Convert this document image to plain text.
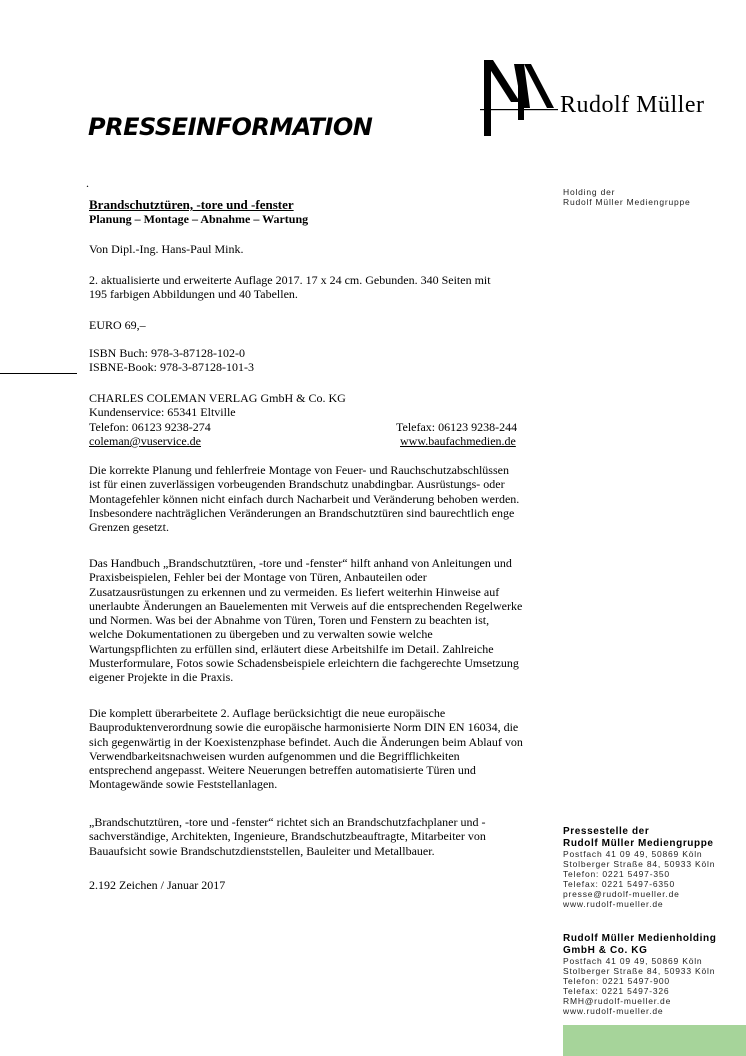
Rudolf Müller
PRESSEINFORMATION
.
Holding der
Rudolf Müller Mediengruppe
Pressestelle der
Rudolf Müller Mediengruppe
Postfach 41 09 49, 50869 Köln
Stolberger Straße 84, 50933 Köln
Telefon: 0221 5497-350
Telefax: 0221 5497-6350
presse@rudolf-mueller.de
www.rudolf-mueller.de
Rudolf Müller Medienholding
GmbH & Co. KG
Postfach 41 09 49, 50869 Köln
Stolberger Straße 84, 50933 Köln
Telefon: 0221 5497-900
Telefax: 0221 5497-326
RMH@rudolf-mueller.de
www.rudolf-mueller.de
Brandschutztüren, -tore und -fenster
Planung – Montage – Abnahme – Wartung
Von Dipl.-Ing. Hans-Paul Mink.
2. aktualisierte und erweiterte Auflage 2017. 17 x 24 cm. Gebunden. 340 Seiten mit
195 farbigen Abbildungen und 40 Tabellen.
EURO 69,–
ISBN Buch: 978-3-87128-102-0
ISBNE-Book: 978-3-87128-101-3
CHARLES COLEMAN VERLAG GmbH & Co. KG
Kundenservice: 65341 Eltville
Telefon: 06123 9238-274	Telefax: 06123 9238-244
coleman@vuservice.de	www.baufachmedien.de
Die korrekte Planung und fehlerfreie Montage von Feuer- und Rauchschutzabschlüssen
ist für einen zuverlässigen vorbeugenden Brandschutz unabdingbar. Ausrüstungs- oder
Montagefehler können nicht einfach durch Nacharbeit und Veränderung behoben werden.
Insbesondere nachträglichen Veränderungen an Brandschutztüren sind baurechtlich enge
Grenzen gesetzt.
Das Handbuch „Brandschutztüren, -tore und -fenster“ hilft anhand von Anleitungen und
Praxisbeispielen, Fehler bei der Montage von Türen, Anbauteilen oder
Zusatzausrüstungen zu erkennen und zu vermeiden. Es liefert weiterhin Hinweise auf
unerlaubte Änderungen an Bauelementen mit Verweis auf die entsprechenden Regelwerke
und Normen. Was bei der Abnahme von Türen, Toren und Fenstern zu beachten ist,
welche Dokumentationen zu übergeben und zu verwalten sowie welche
Wartungspflichten zu erfüllen sind, erläutert diese Arbeitshilfe im Detail. Zahlreiche
Musterformulare, Fotos sowie Schadensbeispiele erleichtern die fachgerechte Umsetzung
eigener Projekte in die Praxis.
Die komplett überarbeitete 2. Auflage berücksichtigt die neue europäische
Bauproduktenverordnung sowie die europäische harmonisierte Norm DIN EN 16034, die
sich gegenwärtig in der Koexistenzphase befindet. Auch die Änderungen beim Ablauf von
Verwendbarkeitsnachweisen wurden aufgenommen und die Begrifflichkeiten
entsprechend angepasst. Weitere Neuerungen betreffen automatisierte Türen und
Montagewände sowie Feststellanlagen.
„Brandschutztüren, -tore und -fenster“ richtet sich an Brandschutzfachplaner und -
sachverständige, Architekten, Ingenieure, Brandschutzbeauftragte, Mitarbeiter von
Bauaufsicht sowie Brandschutzdienststellen, Bauleiter und Metallbauer.
2.192 Zeichen / Januar 2017
